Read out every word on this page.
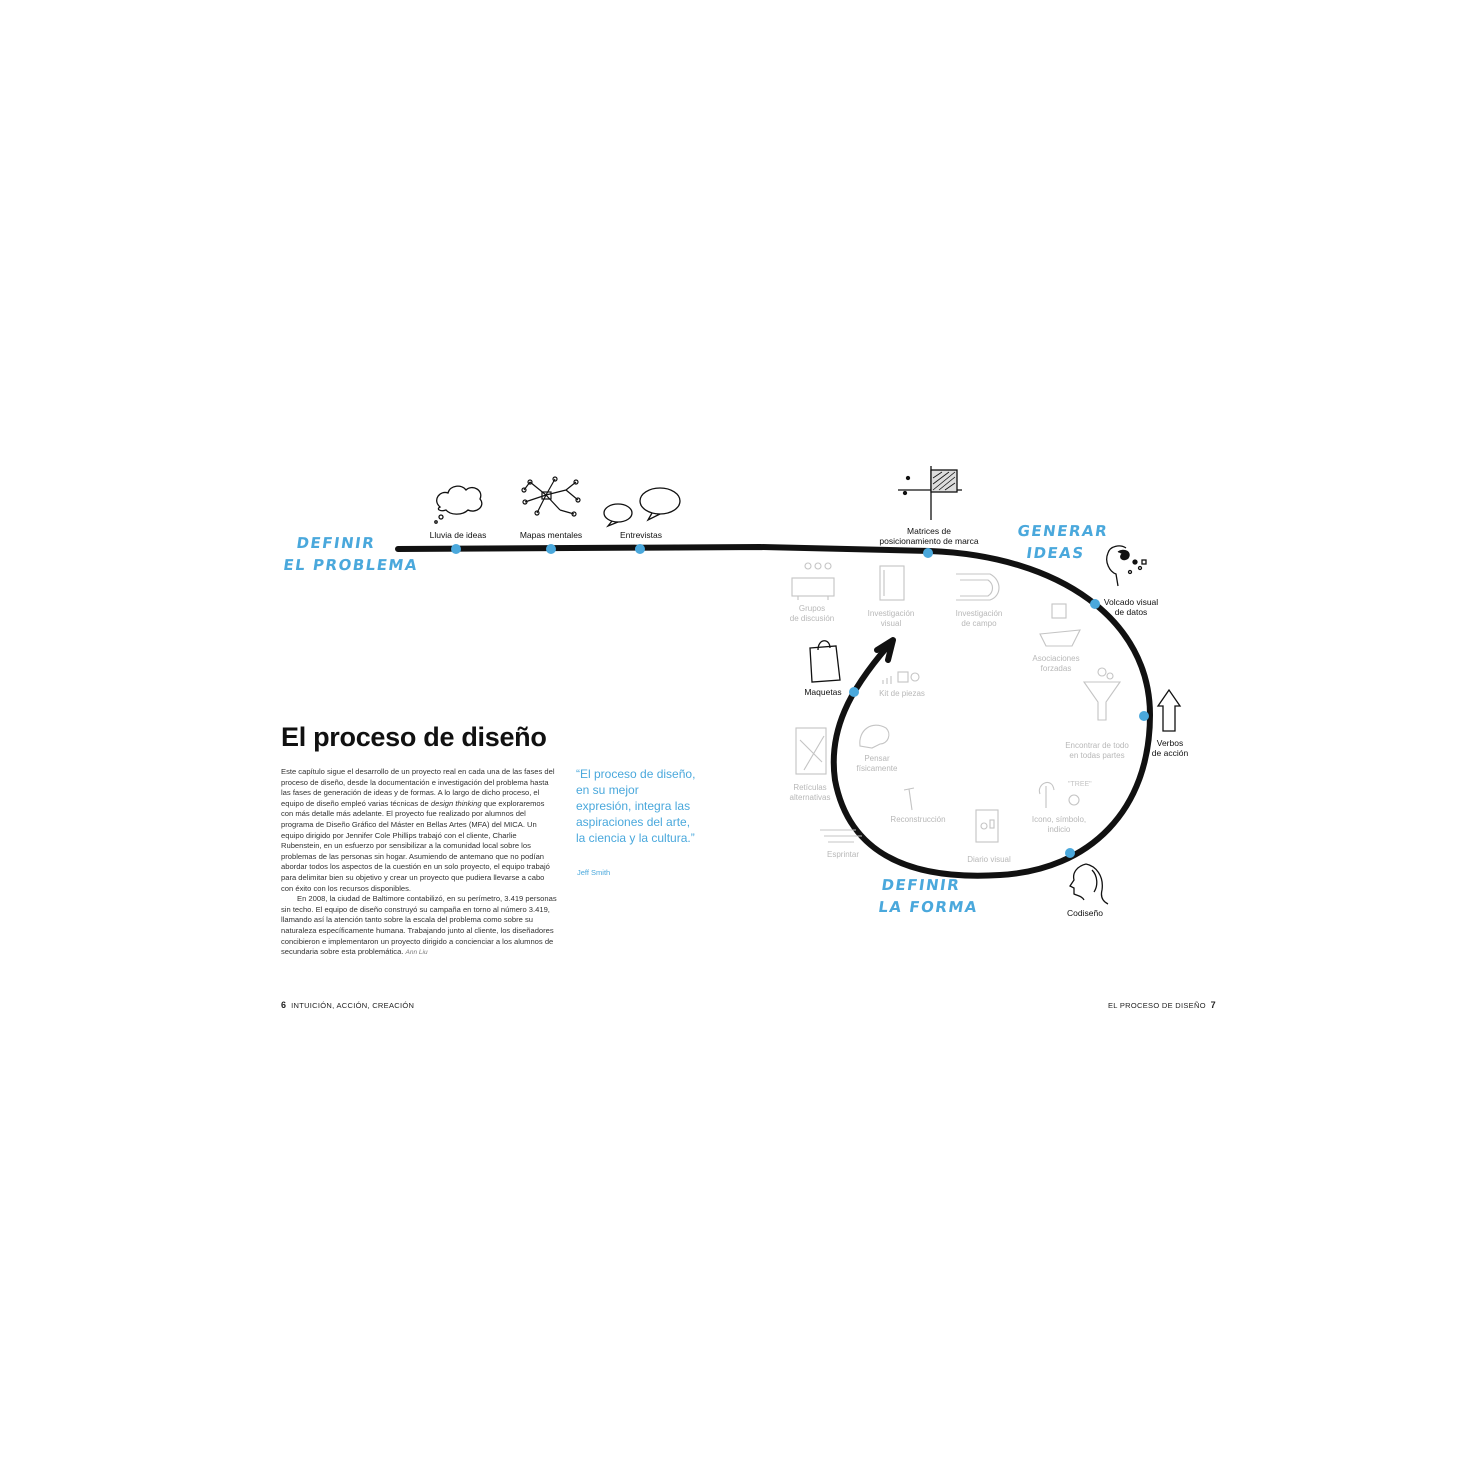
"TREE"
DEFINIR
EL PROBLEMA
GENERAR
IDEAS
DEFINIR
LA FORMA
Lluvia de ideas	Mapas mentales	Entrevistas	Matrices de
posicionamiento de marca
Volcado visual
de datos
Verbos
de acción
Codiseño
Maquetas
Grupos
de discusión	Investigación
visual
Investigación
de campo
Asociaciones
forzadas
Kit de piezas
Encontrar de todo
en todas partes
Pensar
físicamente
Retículas
alternativas
Reconstrucción	Icono, símbolo,
indicio
Esprintar
Diario visual
El proceso de diseño

Este capítulo sigue el desarrollo de un proyecto real en cada una de las fases del proceso de diseño, desde la documentación e investigación del problema hasta las fases de generación de ideas y de formas. A lo largo de dicho proceso, el equipo de diseño empleó varias técnicas de design thinking que exploraremos con más detalle más adelante. El proyecto fue realizado por alumnos del programa de Diseño Gráfico del Máster en Bellas Artes (MFA) del MICA. Un equipo dirigido por Jennifer Cole Phillips trabajó con el cliente, Charlie Rubenstein, en un esfuerzo por sensibilizar a la comunidad local sobre los problemas de las personas sin hogar. Asumiendo de antemano que no podían abordar todos los aspectos de la cuestión en un solo proyecto, el equipo trabajó para delimitar bien su objetivo y crear un proyecto que pudiera llevarse a cabo con éxito con los recursos disponibles.

En 2008, la ciudad de Baltimore contabilizó, en su perímetro, 3.419 personas sin techo. El equipo de diseño construyó su campaña en torno al número 3.419, llamando así la atención tanto sobre la escala del problema como sobre su naturaleza específicamente humana. Trabajando junto al cliente, los diseñadores concibieron e implementaron un proyecto dirigido a concienciar a los alumnos de secundaria sobre esta problemática. Ann Liu

“El proceso de diseño, en su mejor expresión, integra las aspiraciones del arte, la ciencia y la cultura.”
Jeff Smith
6 INTUICIÓN, ACCIÓN, CREACIÓN	EL PROCESO DE DISEÑO 7
